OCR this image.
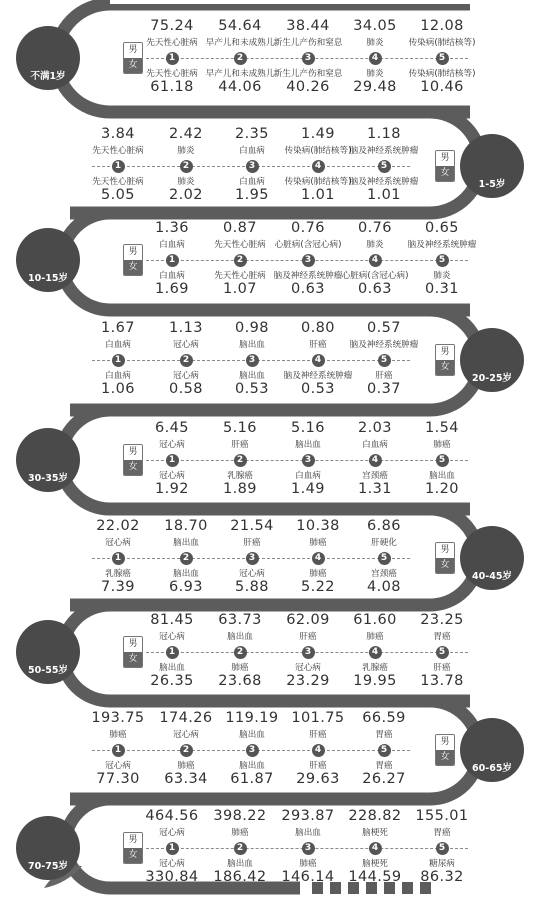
不满1岁
男
女
75.24
先天性心脏病
1
先天性心脏病
61.18
54.64
早产儿和未成熟儿
2
早产儿和未成熟儿
44.06
38.44
新生儿产伤和窒息
3
新生儿产伤和窒息
40.26
34.05
肺炎
4
肺炎
29.48
12.08
传染病(肺结核等)
5
传染病(肺结核等)
10.46
1-5岁
男
女
3.84
先天性心脏病
1
先天性心脏病
5.05
2.42
肺炎
2
肺炎
2.02
2.35
白血病
3
白血病
1.95
1.49
传染病(肺结核等)
4
传染病(肺结核等)
1.01
1.18
脑及神经系统肿瘤
5
脑及神经系统肿瘤
1.01
10-15岁
男
女
1.36
白血病
1
白血病
1.69
0.87
先天性心脏病
2
先天性心脏病
1.07
0.76
心脏病(含冠心病)
3
脑及神经系统肿瘤
0.63
0.76
肺炎
4
心脏病(含冠心病)
0.63
0.65
脑及神经系统肿瘤
5
肺炎
0.31
20-25岁
男
女
1.67
白血病
1
白血病
1.06
1.13
冠心病
2
冠心病
0.58
0.98
脑出血
3
脑出血
0.53
0.80
肝癌
4
脑及神经系统肿瘤
0.53
0.57
脑及神经系统肿瘤
5
肝癌
0.37
30-35岁
男
女
6.45
冠心病
1
冠心病
1.92
5.16
肝癌
2
乳腺癌
1.89
5.16
脑出血
3
白血病
1.49
2.03
白血病
4
宫颈癌
1.31
1.54
肺癌
5
脑出血
1.20
40-45岁
男
女
22.02
冠心病
1
乳腺癌
7.39
18.70
脑出血
2
脑出血
6.93
21.54
肝癌
3
冠心病
5.88
10.38
肺癌
4
肺癌
5.22
6.86
肝硬化
5
宫颈癌
4.08
50-55岁
男
女
81.45
冠心病
1
脑出血
26.35
63.73
脑出血
2
肺癌
23.68
62.09
肝癌
3
冠心病
23.29
61.60
肺癌
4
乳腺癌
19.95
23.25
胃癌
5
肝癌
13.78
60-65岁
男
女
193.75
肺癌
1
冠心病
77.30
174.26
冠心病
2
肺癌
63.34
119.19
脑出血
3
脑出血
61.87
101.75
肝癌
4
肝癌
29.63
66.59
胃癌
5
胃癌
26.27
70-75岁
男
女
464.56
冠心病
1
冠心病
330.84
398.22
肺癌
2
脑出血
186.42
293.87
脑出血
3
肺癌
146.14
228.82
脑梗死
4
脑梗死
144.59
155.01
胃癌
5
糖尿病
86.32
